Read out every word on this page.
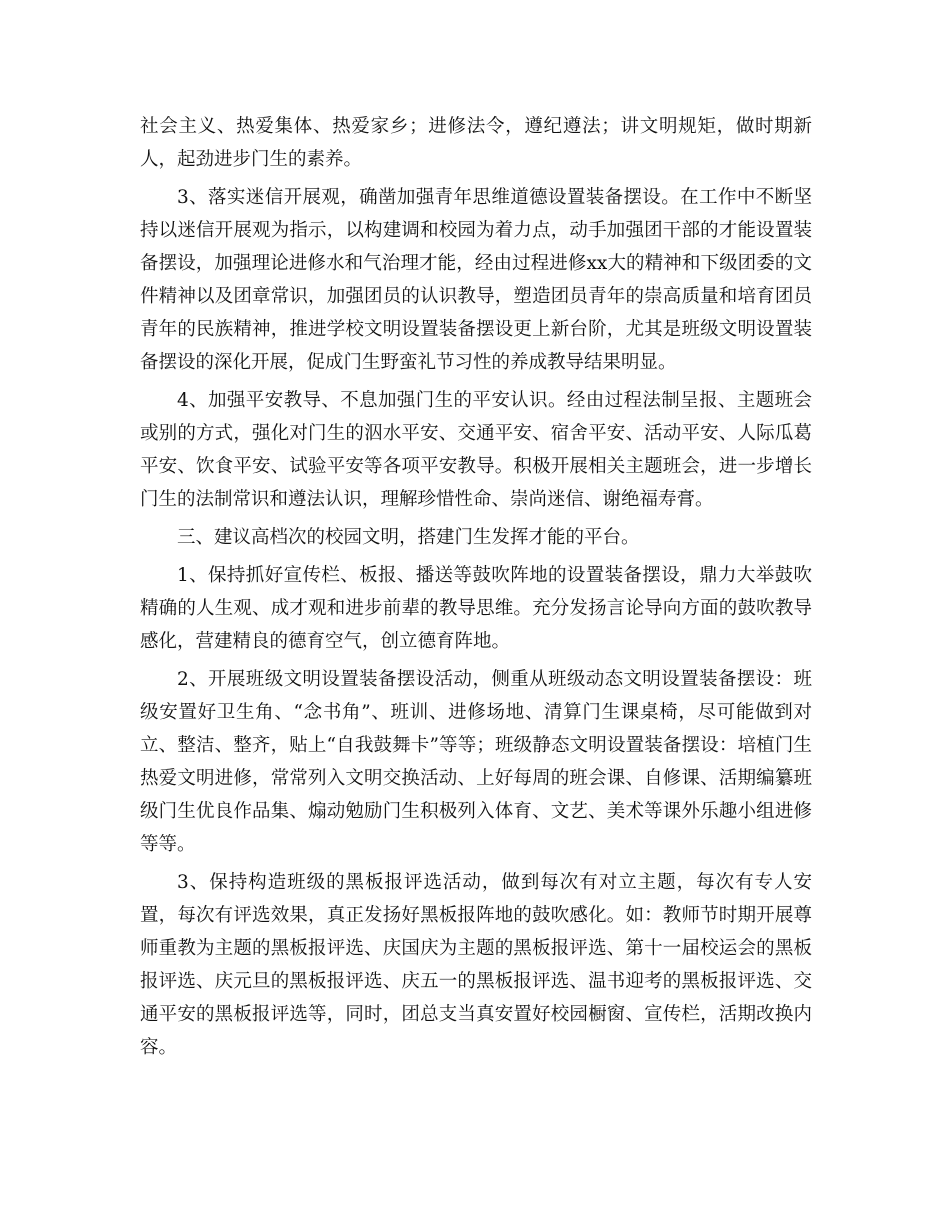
社会主义、热爱集体、热爱家乡；进修法令，遵纪遵法；讲文明规矩，做时期新人，起劲进步门生的素养。

3、落实迷信开展观，确凿加强青年思维道德设置装备摆设。在工作中不断坚持以迷信开展观为指示，以构建调和校园为着力点，动手加强团干部的才能设置装备摆设，加强理论进修水和气治理才能，经由过程进修xx大的精神和下级团委的文件精神以及团章常识，加强团员的认识教导，塑造团员青年的崇高质量和培育团员青年的民族精神，推进学校文明设置装备摆设更上新台阶，尤其是班级文明设置装备摆设的深化开展，促成门生野蛮礼节习性的养成教导结果明显。

4、加强平安教导、不息加强门生的平安认识。经由过程法制呈报、主题班会或别的方式，强化对门生的泅水平安、交通平安、宿舍平安、活动平安、人际瓜葛平安、饮食平安、试验平安等各项平安教导。积极开展相关主题班会，进一步增长门生的法制常识和遵法认识，理解珍惜性命、崇尚迷信、谢绝福寿膏。

三、建议高档次的校园文明，搭建门生发挥才能的平台。

1、保持抓好宣传栏、板报、播送等鼓吹阵地的设置装备摆设，鼎力大举鼓吹精确的人生观、成才观和进步前辈的教导思维。充分发扬言论导向方面的鼓吹教导感化，营建精良的德育空气，创立德育阵地。

2、开展班级文明设置装备摆设活动，侧重从班级动态文明设置装备摆设：班级安置好卫生角、“念书角”、班训、进修场地、清算门生课桌椅，尽可能做到对立、整洁、整齐，贴上“自我鼓舞卡”等等；班级静态文明设置装备摆设：培植门生热爱文明进修，常常列入文明交换活动、上好每周的班会课、自修课、活期编纂班级门生优良作品集、煽动勉励门生积极列入体育、文艺、美术等课外乐趣小组进修等等。

3、保持构造班级的黑板报评选活动，做到每次有对立主题，每次有专人安置，每次有评选效果，真正发扬好黑板报阵地的鼓吹感化。如：教师节时期开展尊师重教为主题的黑板报评选、庆国庆为主题的黑板报评选、第十一届校运会的黑板报评选、庆元旦的黑板报评选、庆五一的黑板报评选、温书迎考的黑板报评选、交通平安的黑板报评选等，同时，团总支当真安置好校园橱窗、宣传栏，活期改换内容。
